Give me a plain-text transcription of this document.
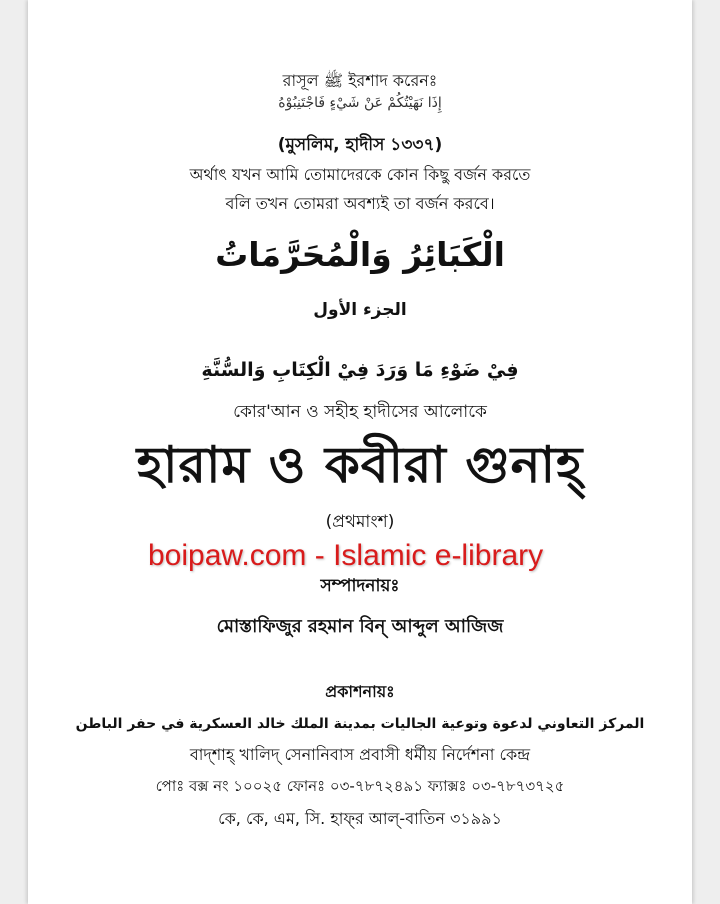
রাসূল ﷺ ইরশাদ করেনঃ
إِذَا نَهَيْتُكُمْ عَنْ شَيْءٍ فَاجْتَنِبُوْهُ
(মুসলিম, হাদীস ১৩৩৭)
অর্থাৎ যখন আমি তোমাদেরকে কোন কিছু বর্জন করতে
বলি তখন তোমরা অবশ্যই তা বর্জন করবে।
الْكَبَائِرُ وَالْمُحَرَّمَاتُ
الجزء الأول
فِيْ ضَوْءِ مَا وَرَدَ فِيْ الْكِتَابِ وَالسُّنَّةِ
কোর'আন ও সহীহ হাদীসের আলোকে
হারাম ও কবীরা গুনাহ্
(প্রথমাংশ)
boipaw.com - Islamic e-library
সম্পাদনায়ঃ
মোস্তাফিজুর রহমান বিন্ আব্দুল আজিজ
প্রকাশনায়ঃ
المركز التعاوني لدعوة وتوعية الجاليات بمدينة الملك خالد العسكرية في حفر الباطن
বাদ্শাহ্ খালিদ্ সেনানিবাস প্রবাসী ধর্মীয় নির্দেশনা কেন্দ্র
পোঃ বক্স নং ১০০২৫ ফোনঃ ০৩-৭৮৭২৪৯১ ফ্যাক্সঃ ০৩-৭৮৭৩৭২৫
কে, কে, এম, সি. হাফ্‌র আল্-বাতিন ৩১৯৯১
